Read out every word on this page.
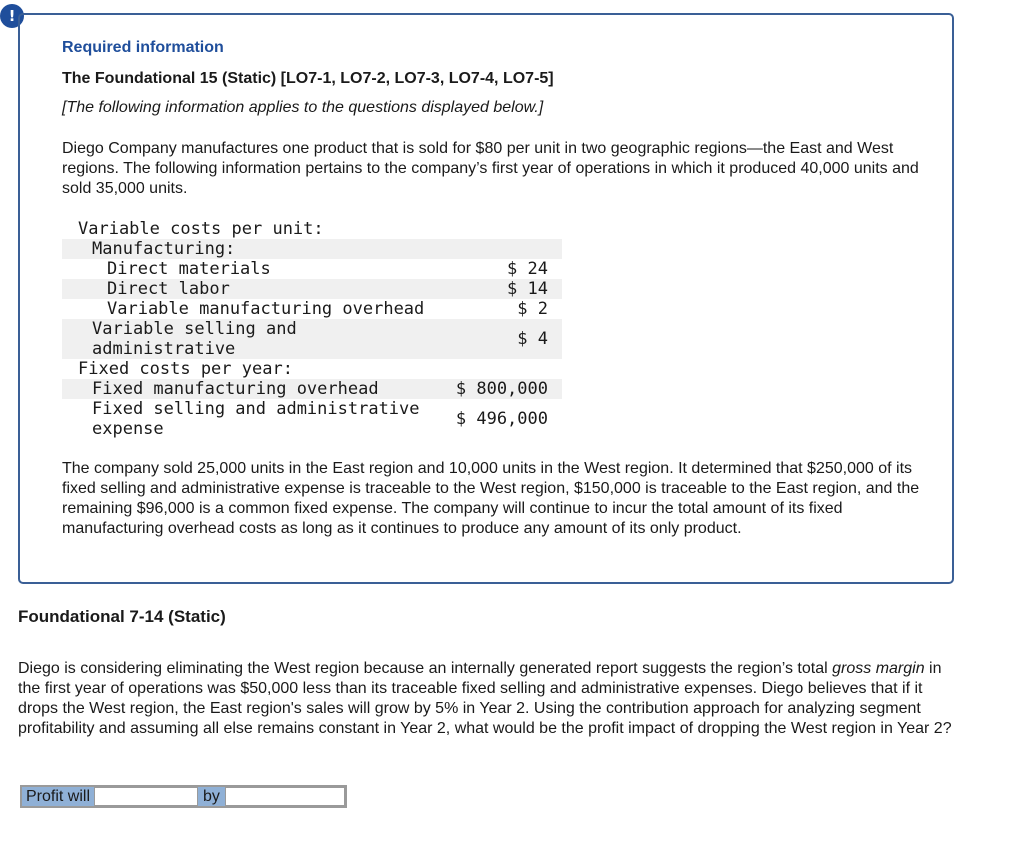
!
Required information
The Foundational 15 (Static) [LO7-1, LO7-2, LO7-3, LO7-4, LO7-5]
[The following information applies to the questions displayed below.]
Diego Company manufactures one product that is sold for $80 per unit in two geographic regions—the East and West regions. The following information pertains to the company’s first year of operations in which it produced 40,000 units and sold 35,000 units.
Variable costs per unit:
Manufacturing:
Direct materials	$ 24
Direct labor	$ 14
Variable manufacturing overhead	$ 2
Variable selling and
administrative	$ 4
Fixed costs per year:
Fixed manufacturing overhead	$ 800,000
Fixed selling and administrative
expense	$ 496,000
The company sold 25,000 units in the East region and 10,000 units in the West region. It determined that $250,000 of its fixed selling and administrative expense is traceable to the West region, $150,000 is traceable to the East region, and the remaining $96,000 is a common fixed expense. The company will continue to incur the total amount of its fixed manufacturing overhead costs as long as it continues to produce any amount of its only product.
Foundational 7-14 (Static)
Diego is considering eliminating the West region because an internally generated report suggests the region’s total gross margin in the first year of operations was $50,000 less than its traceable fixed selling and administrative expenses. Diego believes that if it drops the West region, the East region's sales will grow by 5% in Year 2. Using the contribution approach for analyzing segment profitability and assuming all else remains constant in Year 2, what would be the profit impact of dropping the West region in Year 2?
Profit will	by
